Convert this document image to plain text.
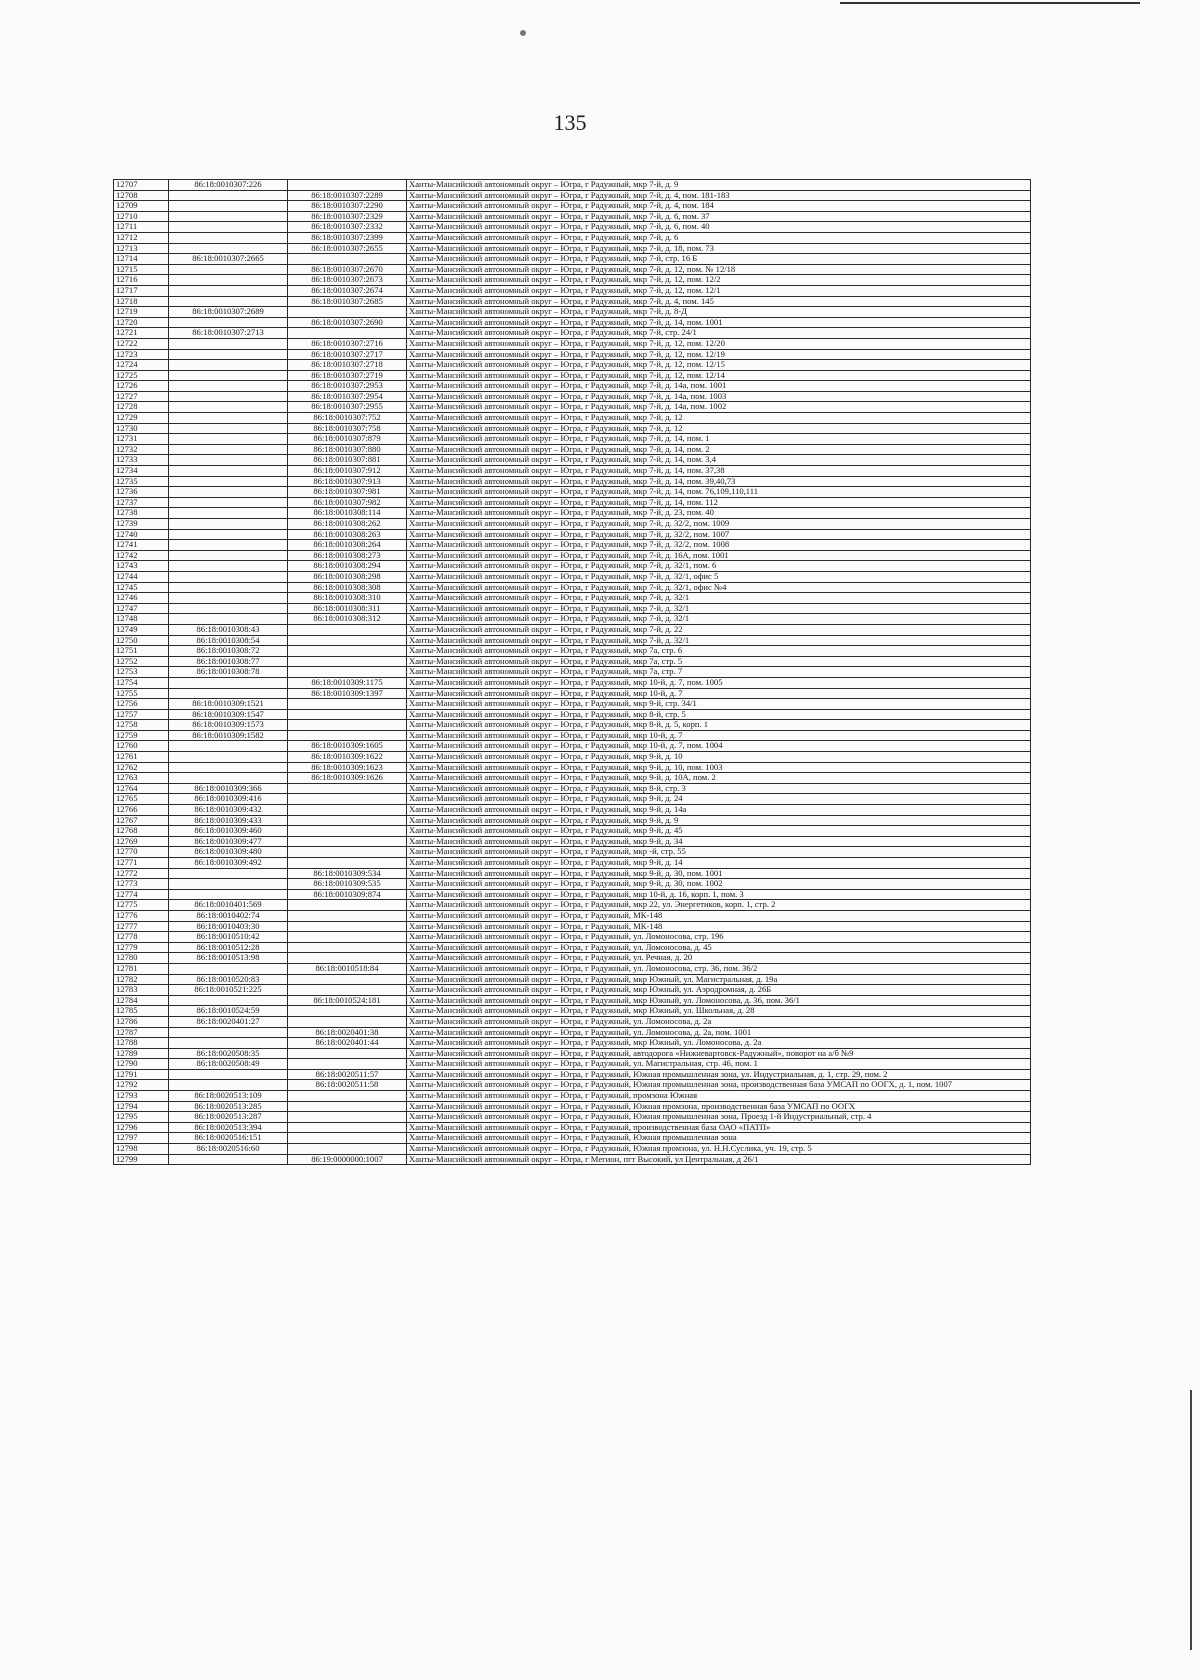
135
12707	86:18:0010307:226		Ханты-Мансийский автономный округ – Югра, г Радужный, мкр 7-й, д. 9
12708		86:18:0010307:2289	Ханты-Мансийский автономный округ – Югра, г Радужный, мкр 7-й, д. 4, пом. 181-183
12709		86:18:0010307:2290	Ханты-Мансийский автономный округ – Югра, г Радужный, мкр 7-й, д. 4, пом. 184
12710		86:18:0010307:2329	Ханты-Мансийский автономный округ – Югра, г Радужный, мкр 7-й, д. 6, пом. 37
12711		86:18:0010307:2332	Ханты-Мансийский автономный округ – Югра, г Радужный, мкр 7-й, д. 6, пом. 40
12712		86:18:0010307:2399	Ханты-Мансийский автономный округ – Югра, г Радужный, мкр 7-й, д. 6
12713		86:18:0010307:2655	Ханты-Мансийский автономный округ – Югра, г Радужный, мкр 7-й, д. 18, пом. 73
12714	86:18:0010307:2665		Ханты-Мансийский автономный округ – Югра, г Радужный, мкр 7-й, стр. 16 Б
12715		86:18:0010307:2670	Ханты-Мансийский автономный округ – Югра, г Радужный, мкр 7-й, д. 12, пом. № 12/18
12716		86:18:0010307:2673	Ханты-Мансийский автономный округ – Югра, г Радужный, мкр 7-й, д. 12, пом. 12/2
12717		86:18:0010307:2674	Ханты-Мансийский автономный округ – Югра, г Радужный, мкр 7-й, д. 12, пом. 12/1
12718		86:18:0010307:2685	Ханты-Мансийский автономный округ – Югра, г Радужный, мкр 7-й, д. 4, пом. 145
12719	86:18:0010307:2689		Ханты-Мансийский автономный округ – Югра, г Радужный, мкр 7-й, д. 8-Д
12720		86:18:0010307:2690	Ханты-Мансийский автономный округ – Югра, г Радужный, мкр 7-й, д. 14, пом. 1001
12721	86:18:0010307:2713		Ханты-Мансийский автономный округ – Югра, г Радужный, мкр 7-й, стр. 24/1
12722		86:18:0010307:2716	Ханты-Мансийский автономный округ – Югра, г Радужный, мкр 7-й, д. 12, пом. 12/20
12723		86:18:0010307:2717	Ханты-Мансийский автономный округ – Югра, г Радужный, мкр 7-й, д. 12, пом. 12/19
12724		86:18:0010307:2718	Ханты-Мансийский автономный округ – Югра, г Радужный, мкр 7-й, д. 12, пом. 12/15
12725		86:18:0010307:2719	Ханты-Мансийский автономный округ – Югра, г Радужный, мкр 7-й, д. 12, пом. 12/14
12726		86:18:0010307:2953	Ханты-Мансийский автономный округ – Югра, г Радужный, мкр 7-й, д. 14а, пом. 1001
12727		86:18:0010307:2954	Ханты-Мансийский автономный округ – Югра, г Радужный, мкр 7-й, д. 14а, пом. 1003
12728		86:18:0010307:2955	Ханты-Мансийский автономный округ – Югра, г Радужный, мкр 7-й, д. 14а, пом. 1002
12729		86:18:0010307:752	Ханты-Мансийский автономный округ – Югра, г Радужный, мкр 7-й, д. 12
12730		86:18:0010307:758	Ханты-Мансийский автономный округ – Югра, г Радужный, мкр 7-й, д. 12
12731		86:18:0010307:879	Ханты-Мансийский автономный округ – Югра, г Радужный, мкр 7-й, д. 14, пом. 1
12732		86:18:0010307:880	Ханты-Мансийский автономный округ – Югра, г Радужный, мкр 7-й, д. 14, пом. 2
12733		86:18:0010307:881	Ханты-Мансийский автономный округ – Югра, г Радужный, мкр 7-й, д. 14, пом. 3,4
12734		86:18:0010307:912	Ханты-Мансийский автономный округ – Югра, г Радужный, мкр 7-й, д. 14, пом. 37,38
12735		86:18:0010307:913	Ханты-Мансийский автономный округ – Югра, г Радужный, мкр 7-й, д. 14, пом. 39,40,73
12736		86:18:0010307:981	Ханты-Мансийский автономный округ – Югра, г Радужный, мкр 7-й, д. 14, пом. 76,109,110,111
12737		86:18:0010307:982	Ханты-Мансийский автономный округ – Югра, г Радужный, мкр 7-й, д. 14, пом. 112
12738		86:18:0010308:114	Ханты-Мансийский автономный округ – Югра, г Радужный, мкр 7-й, д. 23, пом. 40
12739		86:18:0010308:262	Ханты-Мансийский автономный округ – Югра, г Радужный, мкр 7-й, д. 32/2, пом. 1009
12740		86:18:0010308:263	Ханты-Мансийский автономный округ – Югра, г Радужный, мкр 7-й, д. 32/2, пом. 1007
12741		86:18:0010308:264	Ханты-Мансийский автономный округ – Югра, г Радужный, мкр 7-й, д. 32/2, пом. 1008
12742		86:18:0010308:273	Ханты-Мансийский автономный округ – Югра, г Радужный, мкр 7-й, д. 16А, пом. 1001
12743		86:18:0010308:294	Ханты-Мансийский автономный округ – Югра, г Радужный, мкр 7-й, д. 32/1, пом. 6
12744		86:18:0010308:298	Ханты-Мансийский автономный округ – Югра, г Радужный, мкр 7-й, д. 32/1, офис 5
12745		86:18:0010308:308	Ханты-Мансийский автономный округ – Югра, г Радужный, мкр 7-й, д. 32/1, офис №4
12746		86:18:0010308:310	Ханты-Мансийский автономный округ – Югра, г Радужный, мкр 7-й, д. 32/1
12747		86:18:0010308:311	Ханты-Мансийский автономный округ – Югра, г Радужный, мкр 7-й, д. 32/1
12748		86:18:0010308:312	Ханты-Мансийский автономный округ – Югра, г Радужный, мкр 7-й, д. 32/1
12749	86:18:0010308:43		Ханты-Мансийский автономный округ – Югра, г Радужный, мкр 7-й, д. 22
12750	86:18:0010308:54		Ханты-Мансийский автономный округ – Югра, г Радужный, мкр 7-й, д. 32/1
12751	86:18:0010308:72		Ханты-Мансийский автономный округ – Югра, г Радужный, мкр 7а, стр. 6
12752	86:18:0010308:77		Ханты-Мансийский автономный округ – Югра, г Радужный, мкр 7а, стр. 5
12753	86:18:0010308:78		Ханты-Мансийский автономный округ – Югра, г Радужный, мкр 7а, стр. 7
12754		86:18:0010309:1175	Ханты-Мансийский автономный округ – Югра, г Радужный, мкр 10-й, д. 7, пом. 1005
12755		86:18:0010309:1397	Ханты-Мансийский автономный округ – Югра, г Радужный, мкр 10-й, д. 7
12756	86:18:0010309:1521		Ханты-Мансийский автономный округ – Югра, г Радужный, мкр 9-й, стр. 34/1
12757	86:18:0010309:1547		Ханты-Мансийский автономный округ – Югра, г Радужный, мкр 8-й, стр. 5
12758	86:18:0010309:1573		Ханты-Мансийский автономный округ – Югра, г Радужный, мкр 8-й, д. 5, корп. 1
12759	86:18:0010309:1582		Ханты-Мансийский автономный округ – Югра, г Радужный, мкр 10-й, д. 7
12760		86:18:0010309:1605	Ханты-Мансийский автономный округ – Югра, г Радужный, мкр 10-й, д. 7, пом. 1004
12761		86:18:0010309:1622	Ханты-Мансийский автономный округ – Югра, г Радужный, мкр 9-й, д. 10
12762		86:18:0010309:1623	Ханты-Мансийский автономный округ – Югра, г Радужный, мкр 9-й, д. 10, пом. 1003
12763		86:18:0010309:1626	Ханты-Мансийский автономный округ – Югра, г Радужный, мкр 9-й, д. 10А, пом. 2
12764	86:18:0010309:366		Ханты-Мансийский автономный округ – Югра, г Радужный, мкр 8-й, стр. 3
12765	86:18:0010309:416		Ханты-Мансийский автономный округ – Югра, г Радужный, мкр 9-й, д. 24
12766	86:18:0010309:432		Ханты-Мансийский автономный округ – Югра, г Радужный, мкр 9-й, д. 14а
12767	86:18:0010309:433		Ханты-Мансийский автономный округ – Югра, г Радужный, мкр 9-й, д. 9
12768	86:18:0010309:460		Ханты-Мансийский автономный округ – Югра, г Радужный, мкр 9-й, д. 45
12769	86:18:0010309:477		Ханты-Мансийский автономный округ – Югра, г Радужный, мкр 9-й, д. 34
12770	86:18:0010309:480		Ханты-Мансийский автономный округ – Югра, г Радужный, мкр -й, стр. 55
12771	86:18:0010309:492		Ханты-Мансийский автономный округ – Югра, г Радужный, мкр 9-й, д. 14
12772		86:18:0010309:534	Ханты-Мансийский автономный округ – Югра, г Радужный, мкр 9-й, д. 30, пом. 1001
12773		86:18:0010309:535	Ханты-Мансийский автономный округ – Югра, г Радужный, мкр 9-й, д. 30, пом. 1002
12774		86:18:0010309:874	Ханты-Мансийский автономный округ – Югра, г Радужный, мкр 10-й, д. 16, корп. 1, пом. 3
12775	86:18:0010401:569		Ханты-Мансийский автономный округ – Югра, г Радужный, мкр 22, ул. Энергетиков, корп. 1, стр. 2
12776	86:18:0010402:74		Ханты-Мансийский автономный округ – Югра, г Радужный, МК-148
12777	86:18:0010403:30		Ханты-Мансийский автономный округ – Югра, г Радужный, МК-148
12778	86:18:0010510:42		Ханты-Мансийский автономный округ – Югра, г Радужный, ул. Ломоносова, стр. 196
12779	86:18:0010512:28		Ханты-Мансийский автономный округ – Югра, г Радужный, ул. Ломоносова, д. 45
12780	86:18:0010513:98		Ханты-Мансийский автономный округ – Югра, г Радужный, ул. Речная, д. 20
12781		86:18:0010518:84	Ханты-Мансийский автономный округ – Югра, г Радужный, ул. Ломоносова, стр. 36, пом. 36/2
12782	86:18:0010520:83		Ханты-Мансийский автономный округ – Югра, г Радужный, мкр Южный, ул. Магистральная, д. 19а
12783	86:18:0010521:225		Ханты-Мансийский автономный округ – Югра, г Радужный, мкр Южный, ул. Аэродромная, д. 26Б
12784		86:18:0010524:181	Ханты-Мансийский автономный округ – Югра, г Радужный, мкр Южный, ул. Ломоносова, д. 36, пом. 36/1
12785	86:18:0010524:59		Ханты-Мансийский автономный округ – Югра, г Радужный, мкр Южный, ул. Школьная, д. 28
12786	86:18:0020401:27		Ханты-Мансийский автономный округ – Югра, г Радужный, ул. Ломоносова, д. 2а
12787		86:18:0020401:38	Ханты-Мансийский автономный округ – Югра, г Радужный, ул. Ломоносова, д. 2а, пом. 1001
12788		86:18:0020401:44	Ханты-Мансийский автономный округ – Югра, г Радужный, мкр Южный, ул. Ломоносова, д. 2а
12789	86:18:0020508:35		Ханты-Мансийский автономный округ – Югра, г Радужный, автодорога «Нижневартовск-Радужный», поворот на а/б №9
12790	86:18:0020508:49		Ханты-Мансийский автономный округ – Югра, г Радужный, ул. Магистральная, стр. 46, пом. 1
12791		86:18:0020511:57	Ханты-Мансийский автономный округ – Югра, г Радужный, Южная промышленная зона, ул. Индустриальная, д. 1, стр. 29, пом. 2
12792		86:18:0020511:58	Ханты-Мансийский автономный округ – Югра, г Радужный, Южная промышленная зона, производственная база УМСАП по ООГХ, д. 1, пом. 1007
12793	86:18:0020513:109		Ханты-Мансийский автономный округ – Югра, г Радужный, промзона Южная
12794	86:18:0020513:285		Ханты-Мансийский автономный округ – Югра, г Радужный, Южная промзона, производственная база УМСАП по ООГХ
12795	86:18:0020513:287		Ханты-Мансийский автономный округ – Югра, г Радужный, Южная промышленная зона, Проезд 1-й Индустриальный, стр. 4
12796	86:18:0020513:394		Ханты-Мансийский автономный округ – Югра, г Радужный, производственная база ОАО «ПАТП»
12797	86:18:0020516:151		Ханты-Мансийский автономный округ – Югра, г Радужный, Южная промышленная зона
12798	86:18:0020516:60		Ханты-Мансийский автономный округ – Югра, г Радужный, Южная промзона, ул. Н.Н.Суслика, уч. 19, стр. 5
12799		86:19:0000000:1007	Ханты-Мансийский автономный округ – Югра, г Мегион, пгт Высокий, ул Центральная, д 26/1
